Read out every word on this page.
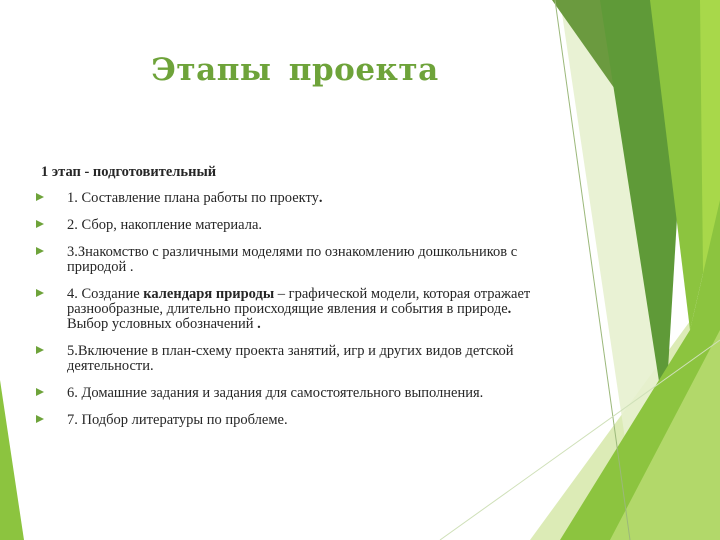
Этапы проекта
1 этап - подготовительный
1. Составление плана работы по проекту.
2. Сбор, накопление материала.
3.Знакомство с различными моделями по ознакомлению дошкольников с природой .
4. Создание календаря природы – графической модели, которая отражает разнообразные, длительно происходящие явления и события в природе. Выбор условных обозначений .
5.Включение в план-схему проекта занятий, игр и других видов детской деятельности.
6. Домашние задания и задания для самостоятельного выполнения.
7. Подбор литературы по проблеме.
